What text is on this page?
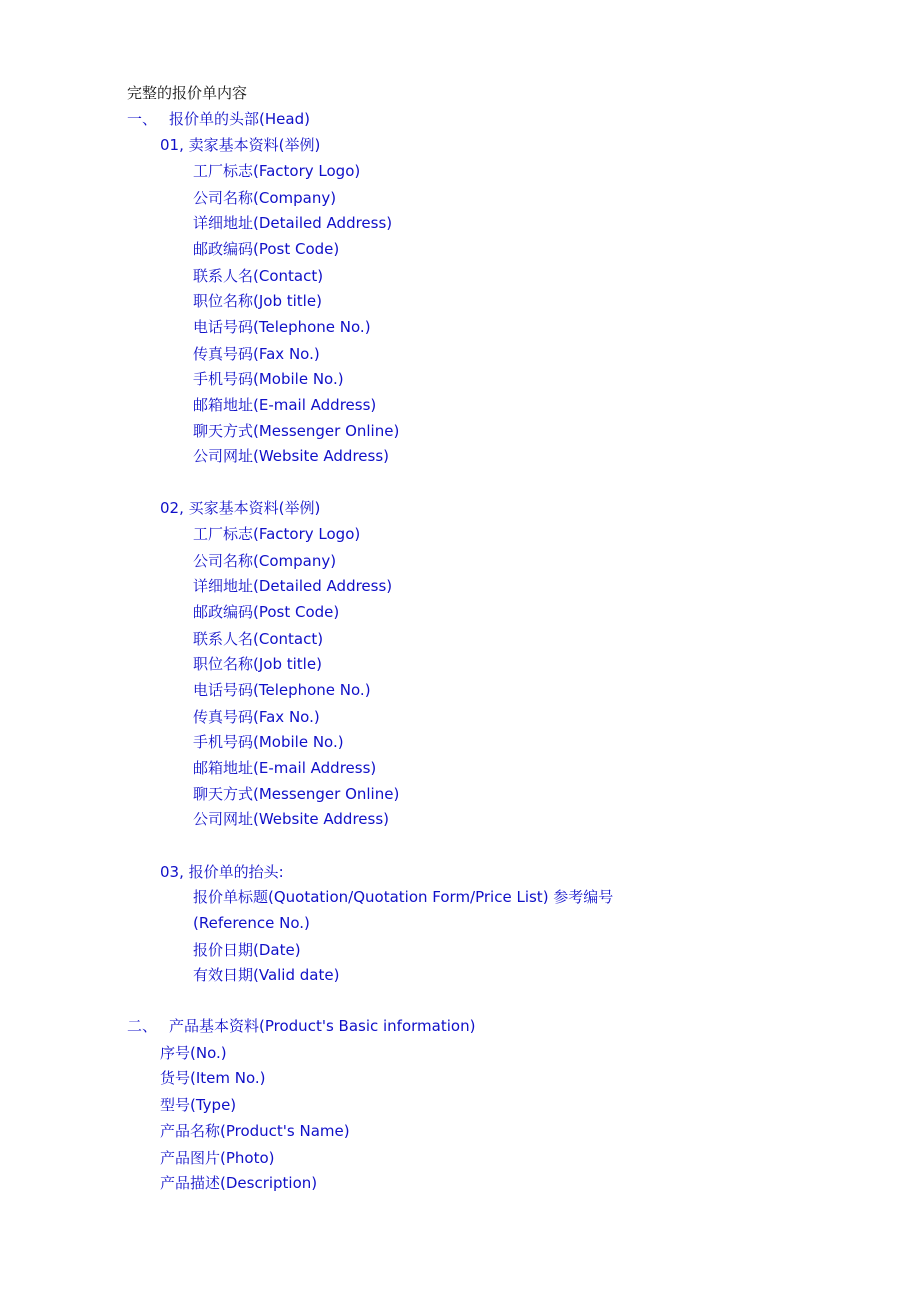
完整的报价单内容
一、 报价单的头部(Head)
01, 卖家基本资料(举例)
工厂标志(Factory Logo)
公司名称(Company)
详细地址(Detailed Address)
邮政编码(Post Code)
联系人名(Contact)
职位名称(Job title)
电话号码(Telephone No.)
传真号码(Fax No.)
手机号码(Mobile No.)
邮箱地址(E-mail Address)
聊天方式(Messenger Online)
公司网址(Website Address)
02, 买家基本资料(举例)
工厂标志(Factory Logo)
公司名称(Company)
详细地址(Detailed Address)
邮政编码(Post Code)
联系人名(Contact)
职位名称(Job title)
电话号码(Telephone No.)
传真号码(Fax No.)
手机号码(Mobile No.)
邮箱地址(E-mail Address)
聊天方式(Messenger Online)
公司网址(Website Address)
03, 报价单的抬头:
报价单标题(Quotation/Quotation Form/Price List) 参考编号
(Reference No.)
报价日期(Date)
有效日期(Valid date)
二、 产品基本资料(Product's Basic information)
序号(No.)
货号(Item No.)
型号(Type)
产品名称(Product's Name)
产品图片(Photo)
产品描述(Description)
